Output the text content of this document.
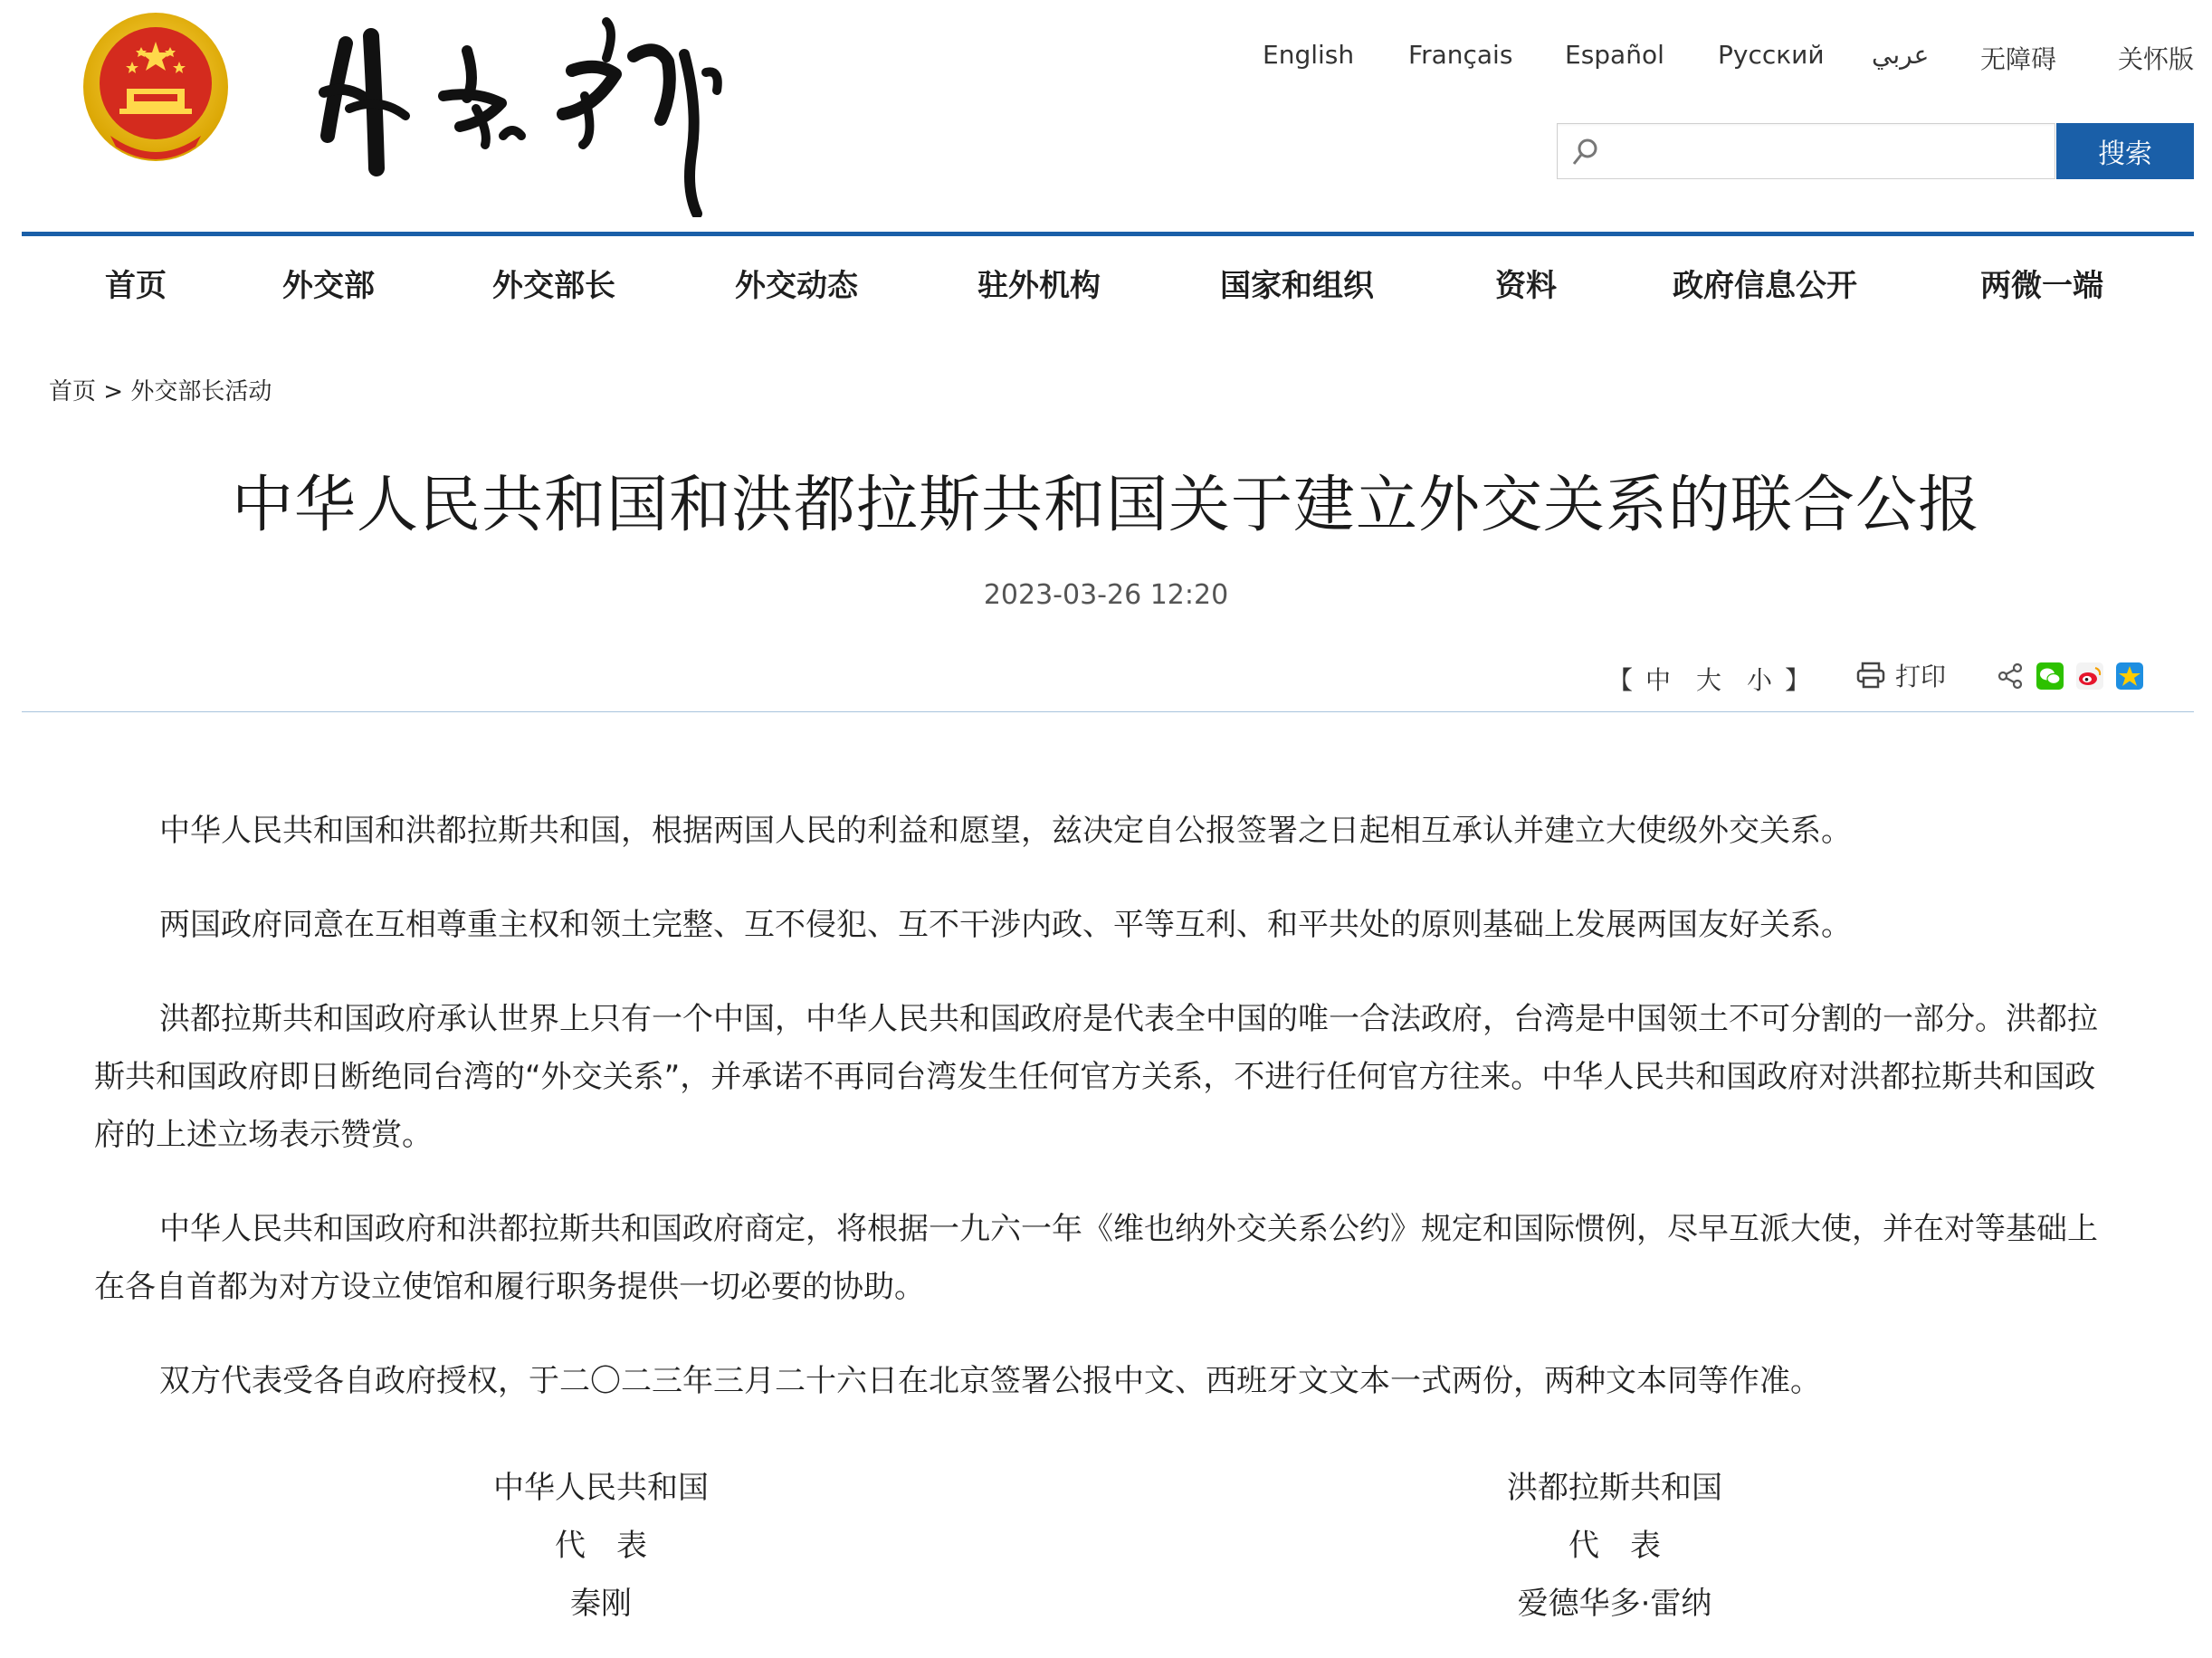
English Français Español Русский عربي 无障碍 关怀版
搜索
首页	外交部	外交部长	外交动态	驻外机构	国家和组织	资料	政府信息公开	两微一端
首页 > 外交部长活动
中华人民共和国和洪都拉斯共和国关于建立外交关系的联合公报
2023-03-26 12:20
【 中 大 小 】	打印

中华人民共和国和洪都拉斯共和国，根据两国人民的利益和愿望，兹决定自公报签署之日起相互承认并建立大使级外交关系。

两国政府同意在互相尊重主权和领土完整、互不侵犯、互不干涉内政、平等互利、和平共处的原则基础上发展两国友好关系。

洪都拉斯共和国政府承认世界上只有一个中国，中华人民共和国政府是代表全中国的唯一合法政府，台湾是中国领土不可分割的一部分。洪都拉斯共和国政府即日断绝同台湾的“外交关系”，并承诺不再同台湾发生任何官方关系，不进行任何官方往来。中华人民共和国政府对洪都拉斯共和国政府的上述立场表示赞赏。

中华人民共和国政府和洪都拉斯共和国政府商定，将根据一九六一年《维也纳外交关系公约》规定和国际惯例，尽早互派大使，并在对等基础上在各自首都为对方设立使馆和履行职务提供一切必要的协助。

双方代表受各自政府授权，于二〇二三年三月二十六日在北京签署公报中文、西班牙文文本一式两份，两种文本同等作准。

中华人民共和国
代　表
秦刚
洪都拉斯共和国
代　表
爱德华多·雷纳
